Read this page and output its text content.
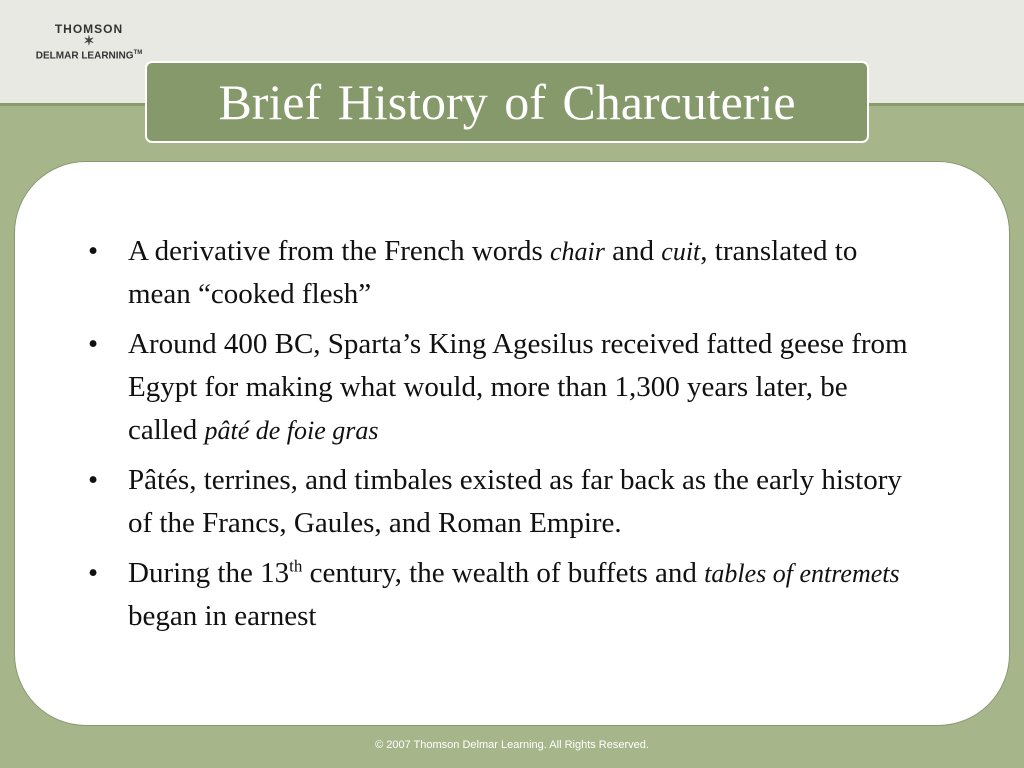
THOMSON
✶
DELMAR LEARNING™
Brief History of Charcuterie
• A derivative from the French words chair and cuit, translated to mean “cooked flesh”
• Around 400 BC, Sparta’s King Agesilus received fatted geese from Egypt for making what would, more than 1,300 years later, be called pâté de foie gras
• Pâtés, terrines, and timbales existed as far back as the early history of the Francs, Gaules, and Roman Empire.
• During the 13th century, the wealth of buffets and tables of entremets began in earnest
© 2007 Thomson Delmar Learning. All Rights Reserved.
